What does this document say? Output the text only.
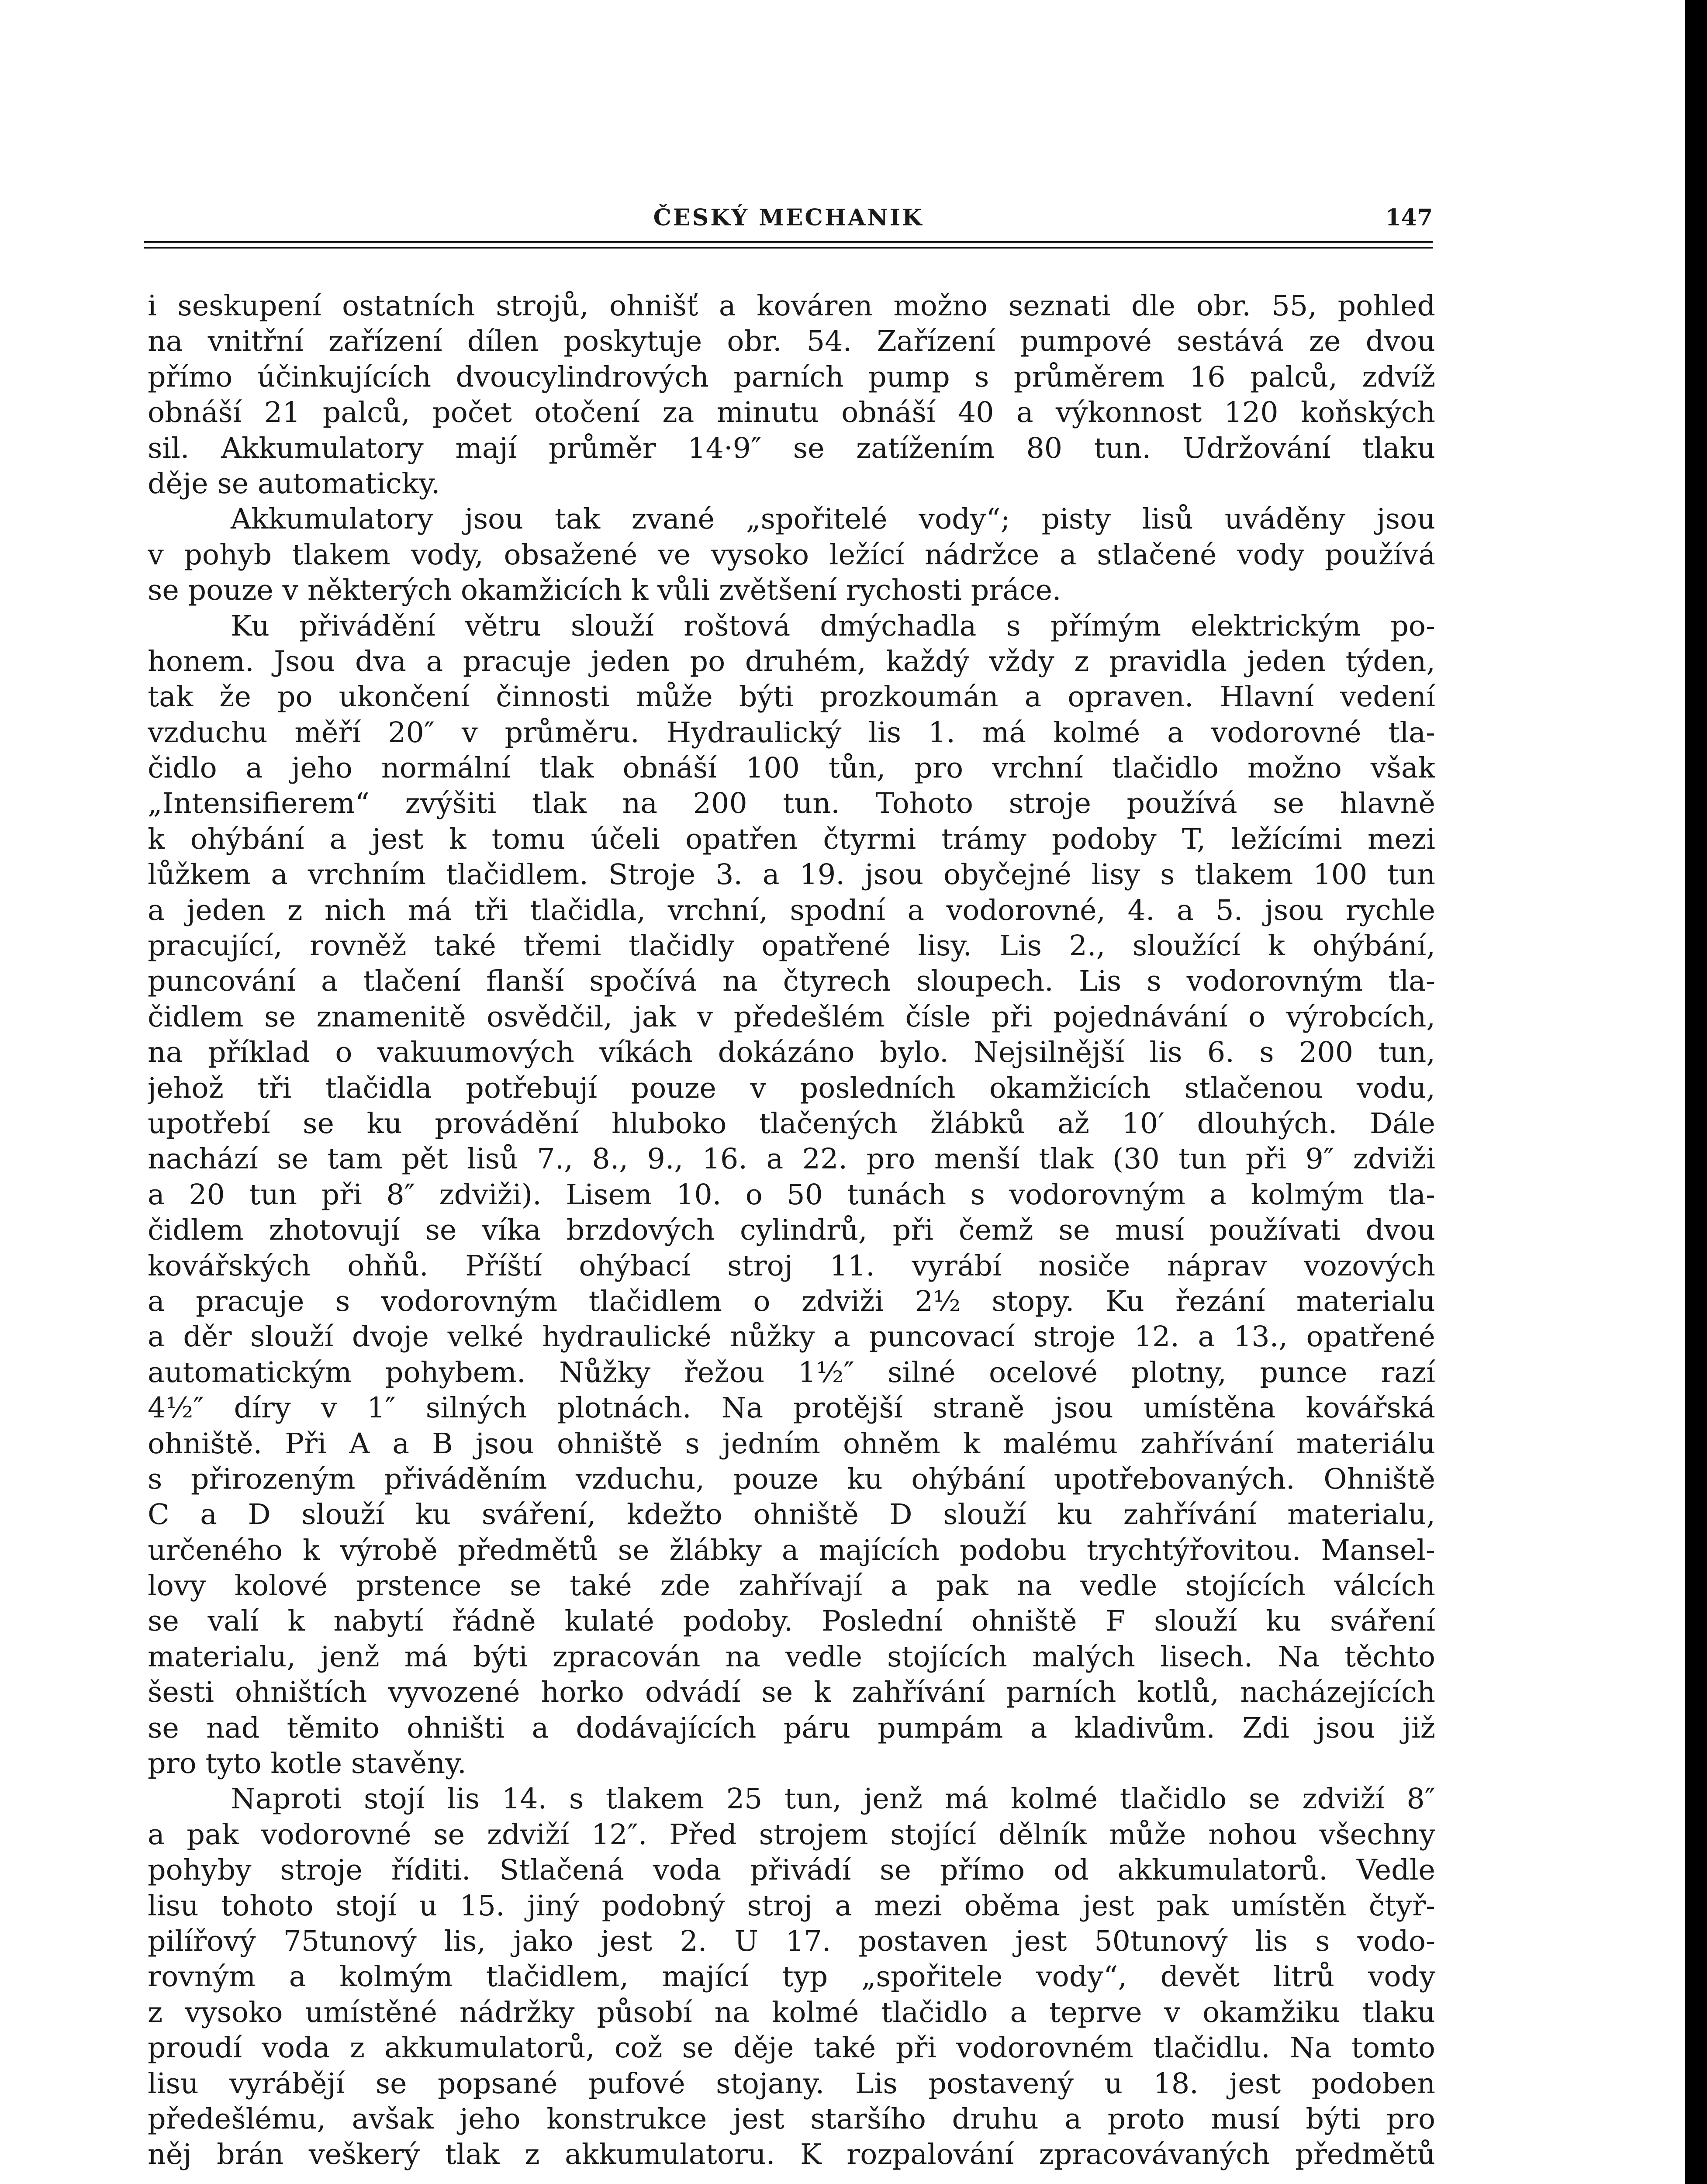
ČESKÝ MECHANIK	147
i seskupení ostatních strojů, ohnišť a kováren možno seznati dle obr. 55, pohled
na vnitřní zařízení dílen poskytuje obr. 54. Zařízení pumpové sestává ze dvou
přímo účinkujících dvoucylindrových parních pump s průměrem 16 palců, zdvíž
obnáší 21 palců, počet otočení za minutu obnáší 40 a výkonnost 120 koňských
sil. Akkumulatory mají průměr 14·9″ se zatížením 80 tun. Udržování tlaku
děje se automaticky.
Akkumulatory jsou tak zvané „spořitelé vody“; pisty lisů uváděny jsou
v pohyb tlakem vody, obsažené ve vysoko ležící nádržce a stlačené vody používá
se pouze v některých okamžicích k vůli zvětšení rychosti práce.
Ku přivádění větru slouží roštová dmýchadla s přímým elektrickým po-
honem. Jsou dva a pracuje jeden po druhém, každý vždy z pravidla jeden týden,
tak že po ukončení činnosti může býti prozkoumán a opraven. Hlavní vedení
vzduchu měří 20″ v průměru. Hydraulický lis 1. má kolmé a vodorovné tla-
čidlo a jeho normální tlak obnáší 100 tůn, pro vrchní tlačidlo možno však
„Intensifierem“ zvýšiti tlak na 200 tun. Tohoto stroje používá se hlavně
k ohýbání a jest k tomu účeli opatřen čtyrmi trámy podoby T, ležícími mezi
lůžkem a vrchním tlačidlem. Stroje 3. a 19. jsou obyčejné lisy s tlakem 100 tun
a jeden z nich má tři tlačidla, vrchní, spodní a vodorovné, 4. a 5. jsou rychle
pracující, rovněž také třemi tlačidly opatřené lisy. Lis 2., sloužící k ohýbání,
puncování a tlačení flanší spočívá na čtyrech sloupech. Lis s vodorovným tla-
čidlem se znamenitě osvědčil, jak v předešlém čísle při pojednávání o výrobcích,
na příklad o vakuumových víkách dokázáno bylo. Nejsilnější lis 6. s 200 tun,
jehož tři tlačidla potřebují pouze v posledních okamžicích stlačenou vodu,
upotřebí se ku provádění hluboko tlačených žlábků až 10′ dlouhých. Dále
nachází se tam pět lisů 7., 8., 9., 16. a 22. pro menší tlak (30 tun při 9″ zdviži
a 20 tun při 8″ zdviži). Lisem 10. o 50 tunách s vodorovným a kolmým tla-
čidlem zhotovují se víka brzdových cylindrů, při čemž se musí používati dvou
kovářských ohňů. Příští ohýbací stroj 11. vyrábí nosiče náprav vozových
a pracuje s vodorovným tlačidlem o zdviži 2½ stopy. Ku řezání materialu
a děr slouží dvoje velké hydraulické nůžky a puncovací stroje 12. a 13., opatřené
automatickým pohybem. Nůžky řežou 1½″ silné ocelové plotny, punce razí
4½″ díry v 1″ silných plotnách. Na protější straně jsou umístěna kovářská
ohniště. Při A a B jsou ohniště s jedním ohněm k malému zahřívání materiálu
s přirozeným přiváděním vzduchu, pouze ku ohýbání upotřebovaných. Ohniště
C a D slouží ku sváření, kdežto ohniště D slouží ku zahřívání materialu,
určeného k výrobě předmětů se žlábky a majících podobu trychtýřovitou. Mansel-
lovy kolové prstence se také zde zahřívají a pak na vedle stojících válcích
se valí k nabytí řádně kulaté podoby. Poslední ohniště F slouží ku sváření
materialu, jenž má býti zpracován na vedle stojících malých lisech. Na těchto
šesti ohništích vyvozené horko odvádí se k zahřívání parních kotlů, nacházejících
se nad těmito ohništi a dodávajících páru pumpám a kladivům. Zdi jsou již
pro tyto kotle stavěny.
Naproti stojí lis 14. s tlakem 25 tun, jenž má kolmé tlačidlo se zdviží 8″
a pak vodorovné se zdviží 12″. Před strojem stojící dělník může nohou všechny
pohyby stroje říditi. Stlačená voda přivádí se přímo od akkumulatorů. Vedle
lisu tohoto stojí u 15. jiný podobný stroj a mezi oběma jest pak umístěn čtyř-
pilířový 75tunový lis, jako jest 2. U 17. postaven jest 50tunový lis s vodo-
rovným a kolmým tlačidlem, mající typ „spořitele vody“, devět litrů vody
z vysoko umístěné nádržky působí na kolmé tlačidlo a teprve v okamžiku tlaku
proudí voda z akkumulatorů, což se děje také při vodorovném tlačidlu. Na tomto
lisu vyrábějí se popsané pufové stojany. Lis postavený u 18. jest podoben
předešlému, avšak jeho konstrukce jest staršího druhu a proto musí býti pro
něj brán veškerý tlak z akkumulatoru. K rozpalování zpracovávaných předmětů
